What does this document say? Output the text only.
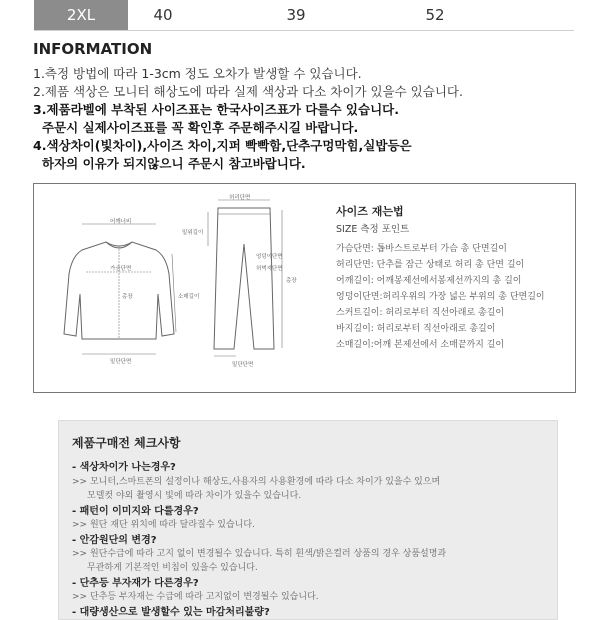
2XL	40	39	52
INFORMATION
1.측정 방법에 따라 1-3cm 정도 오차가 발생할 수 있습니다.
2.제품 색상은 모니터 해상도에 따라 실제 색상과 다소 차이가 있을수 있습니다.
3.제품라벨에 부착된 사이즈표는 한국사이즈표가 다를수 있습니다.
주문시 실제사이즈표를 꼭 확인후 주문해주시길 바랍니다.
4.색상차이(빛차이),사이즈 차이,지퍼 빡빡함,단추구멍막힘,실밥등은
하자의 이유가 되지않으니 주문시 참고바랍니다.
어깨너비
가슴단면
총장	소매길이
밑단단면
허리단면
밑위길이
엉덩이단면
허벅지단면
총장
밑단단면
사이즈 재는법
SIZE 측정 포인트
가슴단면: 톱바스트로부터 가슴 총 단면길이
허리단면: 단추를 잠근 상태로 허리 총 단면 길이
어깨길이: 어깨봉제선에서봉제선까지의 총 길이
엉덩이단면:허리우위의 가장 넓은 부위의 총 단면길이
스커트길이: 허리로부터 직선아래로 총길이
바지길이: 허리로부터 직선아래로 총길이
소매길이:어깨 본제선에서 소매끝까지 길이
제품구매전 체크사항
- 색상차이가 나는경우?
>> 모니터,스마트폰의 설정이나 해상도,사용자의 사용환경에 따라 다소 차이가 있을수 있으며
모델컷 야외 촬영시 빛에 따라 차이가 있을수 있습니다.
- 패턴이 이미지와 다를경우?
>> 원단 재단 위치에 따라 달라질수 있습니다.
- 안감원단의 변경?
>> 원단수급에 따라 고지 없이 변경될수 있습니다. 특히 흰색/밝은컬러 상품의 경우 상품설명과
무관하게 기본적인 비침이 있을수 있습니다.
- 단추등 부자재가 다른경우?
>> 단추등 부자재는 수급에 따라 고지없이 변경될수 있습니다.
- 대량생산으로 발생할수 있는 마감처리불량?
